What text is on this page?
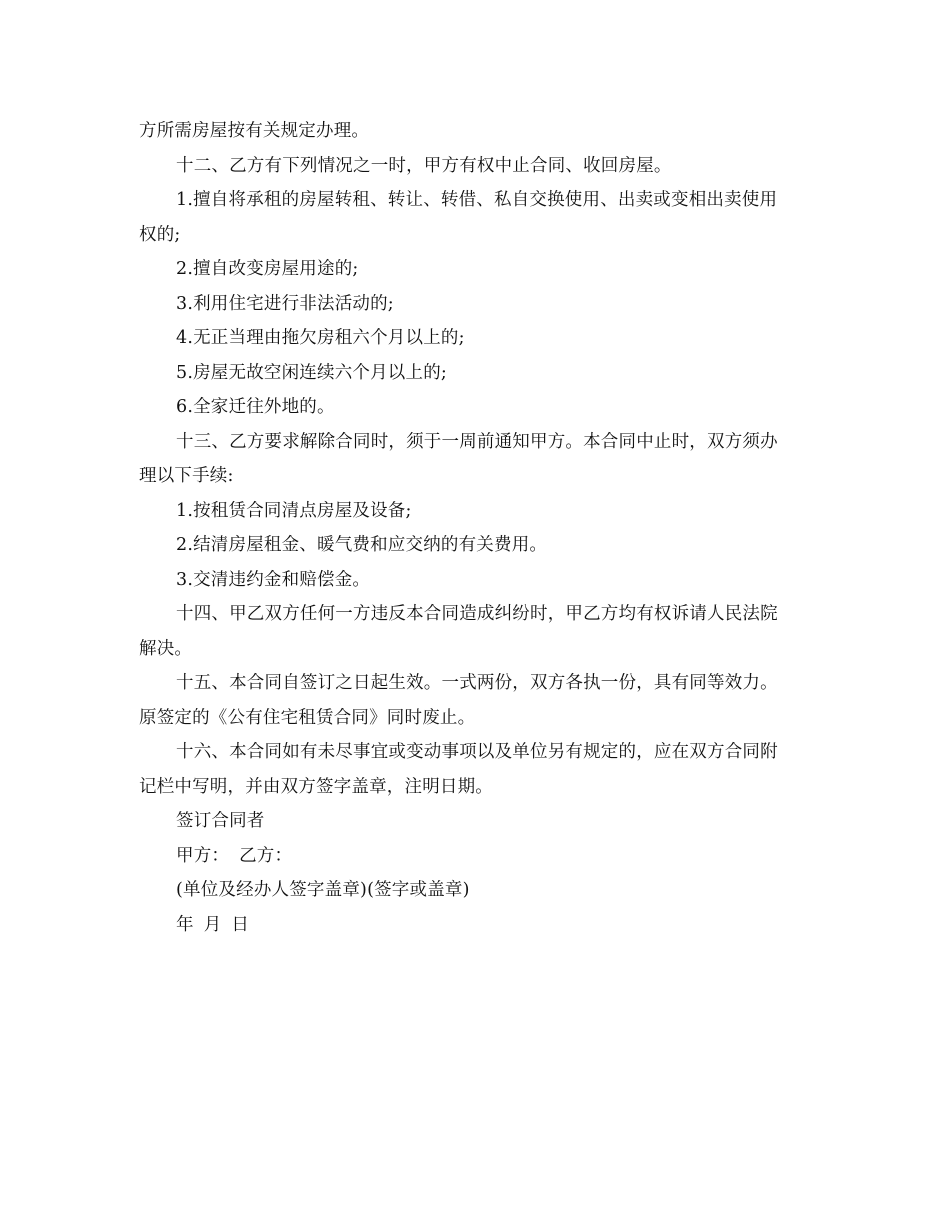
方所需房屋按有关规定办理。
十二、乙方有下列情况之一时，甲方有权中止合同、收回房屋。
1.擅自将承租的房屋转租、转让、转借、私自交换使用、出卖或变相出卖使用
权的;
2.擅自改变房屋用途的;
3.利用住宅进行非法活动的;
4.无正当理由拖欠房租六个月以上的;
5.房屋无故空闲连续六个月以上的;
6.全家迁往外地的。
十三、乙方要求解除合同时，须于一周前通知甲方。本合同中止时，双方须办
理以下手续:
1.按租赁合同清点房屋及设备;
2.结清房屋租金、暖气费和应交纳的有关费用。
3.交清违约金和赔偿金。
十四、甲乙双方任何一方违反本合同造成纠纷时，甲乙方均有权诉请人民法院
解决。
十五、本合同自签订之日起生效。一式两份，双方各执一份，具有同等效力。
原签定的《公有住宅租赁合同》同时废止。
十六、本合同如有未尽事宜或变动事项以及单位另有规定的，应在双方合同附
记栏中写明，并由双方签字盖章，注明日期。
签订合同者
甲方： 乙方：
(单位及经办人签字盖章)(签字或盖章)
年 月 日
